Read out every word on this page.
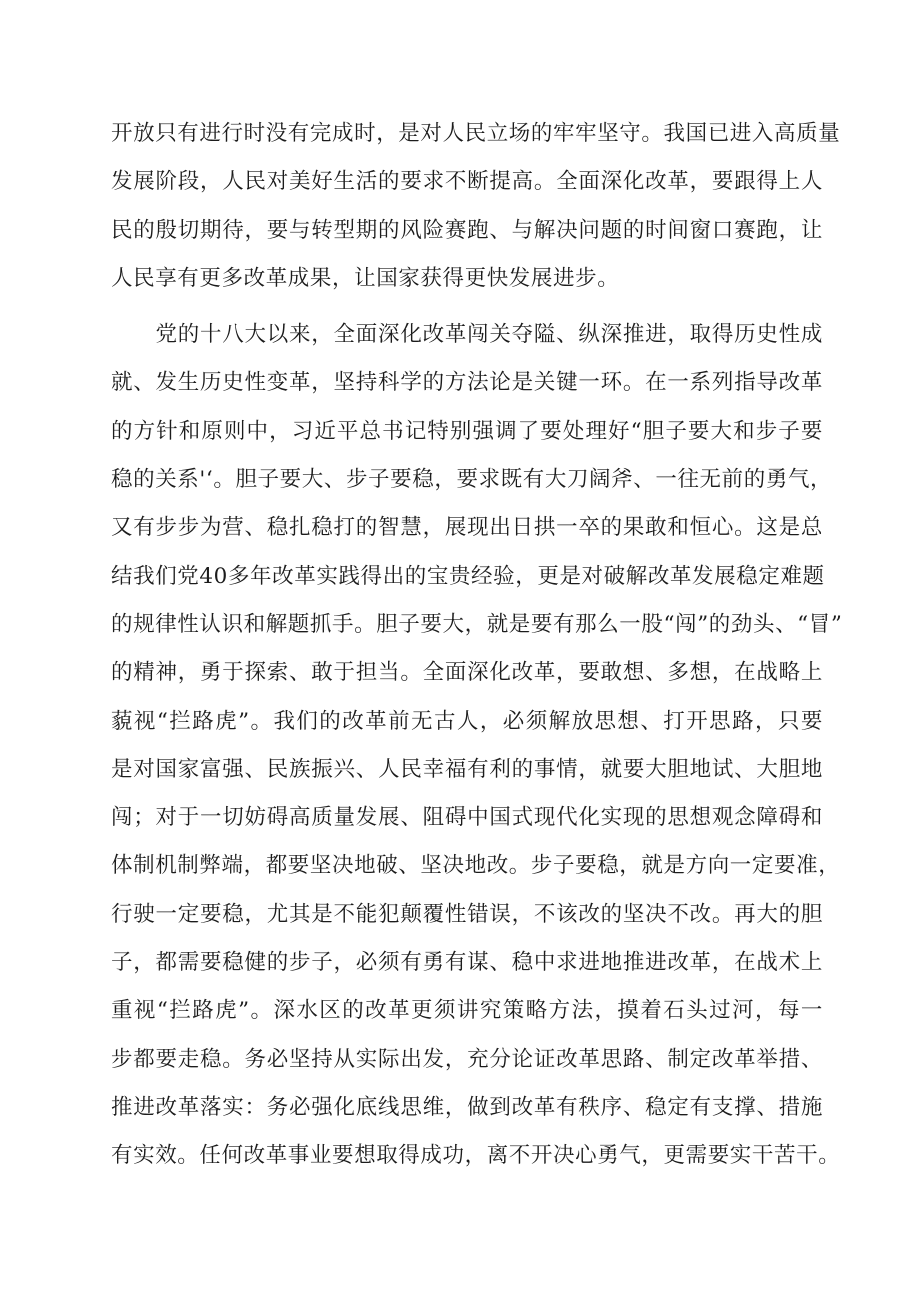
开放只有进行时没有完成时，是对人民立场的牢牢坚守。我国已进入高质量
发展阶段，人民对美好生活的要求不断提高。全面深化改革，要跟得上人
民的殷切期待，要与转型期的风险赛跑、与解决问题的时间窗口赛跑，让
人民享有更多改革成果，让国家获得更快发展进步。
　　党的十八大以来，全面深化改革闯关夺隘、纵深推进，取得历史性成
就、发生历史性变革，坚持科学的方法论是关键一环。在一系列指导改革
的方针和原则中，习近平总书记特别强调了要处理好“胆子要大和步子要
稳的关系'‘。胆子要大、步子要稳，要求既有大刀阔斧、一往无前的勇气，
又有步步为营、稳扎稳打的智慧，展现出日拱一卒的果敢和恒心。这是总
结我们党40多年改革实践得出的宝贵经验，更是对破解改革发展稳定难题
的规律性认识和解题抓手。胆子要大，就是要有那么一股“闯”的劲头、“冒”
的精神，勇于探索、敢于担当。全面深化改革，要敢想、多想，在战略上
藐视“拦路虎”。我们的改革前无古人，必须解放思想、打开思路，只要
是对国家富强、民族振兴、人民幸福有利的事情，就要大胆地试、大胆地
闯；对于一切妨碍高质量发展、阻碍中国式现代化实现的思想观念障碍和
体制机制弊端，都要坚决地破、坚决地改。步子要稳，就是方向一定要准，
行驶一定要稳，尤其是不能犯颠覆性错误，不该改的坚决不改。再大的胆
子，都需要稳健的步子，必须有勇有谋、稳中求进地推进改革，在战术上
重视“拦路虎”。深水区的改革更须讲究策略方法，摸着石头过河，每一
步都要走稳。务必坚持从实际出发，充分论证改革思路、制定改革举措、
推进改革落实：务必强化底线思维，做到改革有秩序、稳定有支撑、措施
有实效。任何改革事业要想取得成功，离不开决心勇气，更需要实干苦干。
